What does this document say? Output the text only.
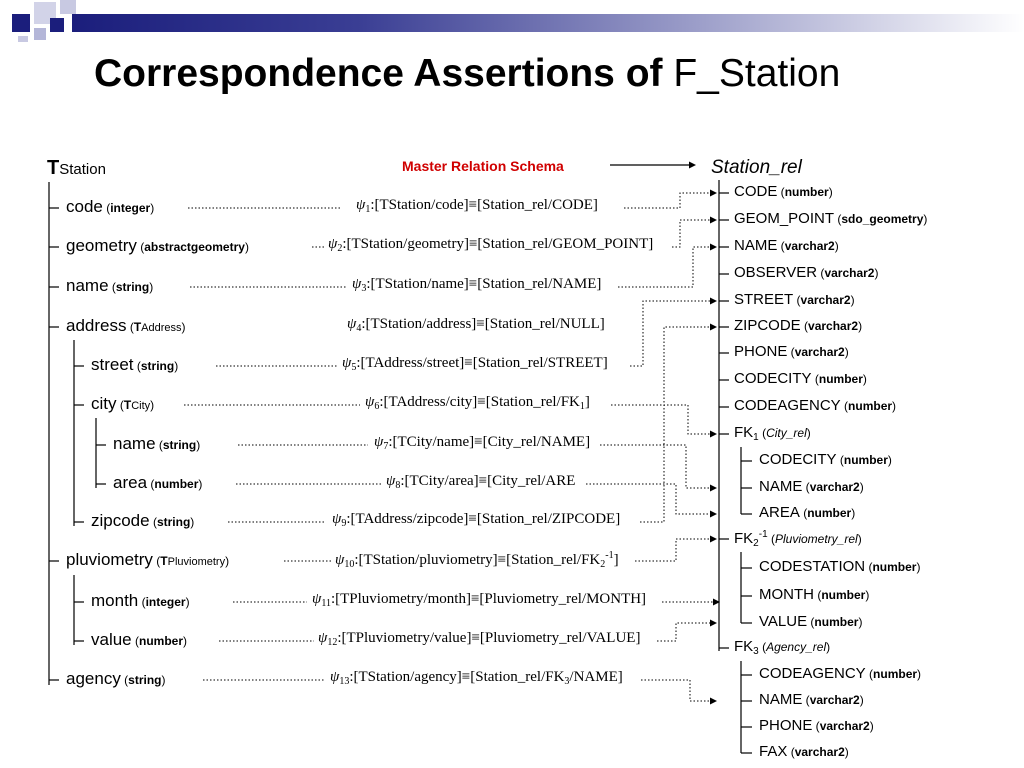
Correspondence Assertions of F_Station
TStation	Master Relation Schema	Station_rel
code (integer)
geometry (abstractgeometry)
name (string)
address (TAddress)
street (string)
city (TCity)
name (string)
area (number)
zipcode (string)
pluviometry (TPluviometry)
month (integer)
value (number)
agency (string)
$\psi_1:[TStation/code]\equiv[Station\_rel/CODE]$
$\psi_2:[TStation/geometry]\equiv[Station\_rel/GEOM\_POINT]$
$\psi_3:[TStation/name]\equiv[Station\_rel/NAME]$
$\psi_4:[TStation/address]\equiv[Station\_rel/NULL]$
$\psi_5:[TAddress/street]\equiv[Station\_rel/STREET]$
$\psi_6:[TAddress/city]\equiv[Station\_rel/FK_1]$
$\psi_7:[TCity/name]\equiv[City\_rel/NAME]$
$\psi_8:[TCity/area]\equiv[City\_rel$/ARE
$\psi_9:[TAddress/zipcode]\equiv[Station\_rel/ZIPCODE]$
$\psi_{10}:[TStation/pluviometry]\equiv[Station\_rel/FK_2^{-1}]$
$\psi_{11}:[TPluviometry/month]\equiv[Pluviometry\_rel/MONTH]$
$\psi_{12}:[TPluviometry/value]\equiv[Pluviometry\_rel/VALUE]$
$\psi_{13}:[TStation/agency]\equiv[Station\_rel/FK_3/NAME]$
CODE (number)
GEOM_POINT (sdo_geometry)
NAME (varchar2)
OBSERVER (varchar2)
STREET (varchar2)
ZIPCODE (varchar2)
PHONE (varchar2)
CODECITY (number)
CODEAGENCY (number)
$FK_1$ (City_rel)
CODECITY (number)
NAME (varchar2)
AREA (number)
$FK_2^{-1}$ (Pluviometry_rel)
CODESTATION (number)
MONTH (number)
VALUE (number)
$FK_3$ (Agency_rel)
CODEAGENCY (number)
NAME (varchar2)
PHONE (varchar2)
FAX (varchar2)
